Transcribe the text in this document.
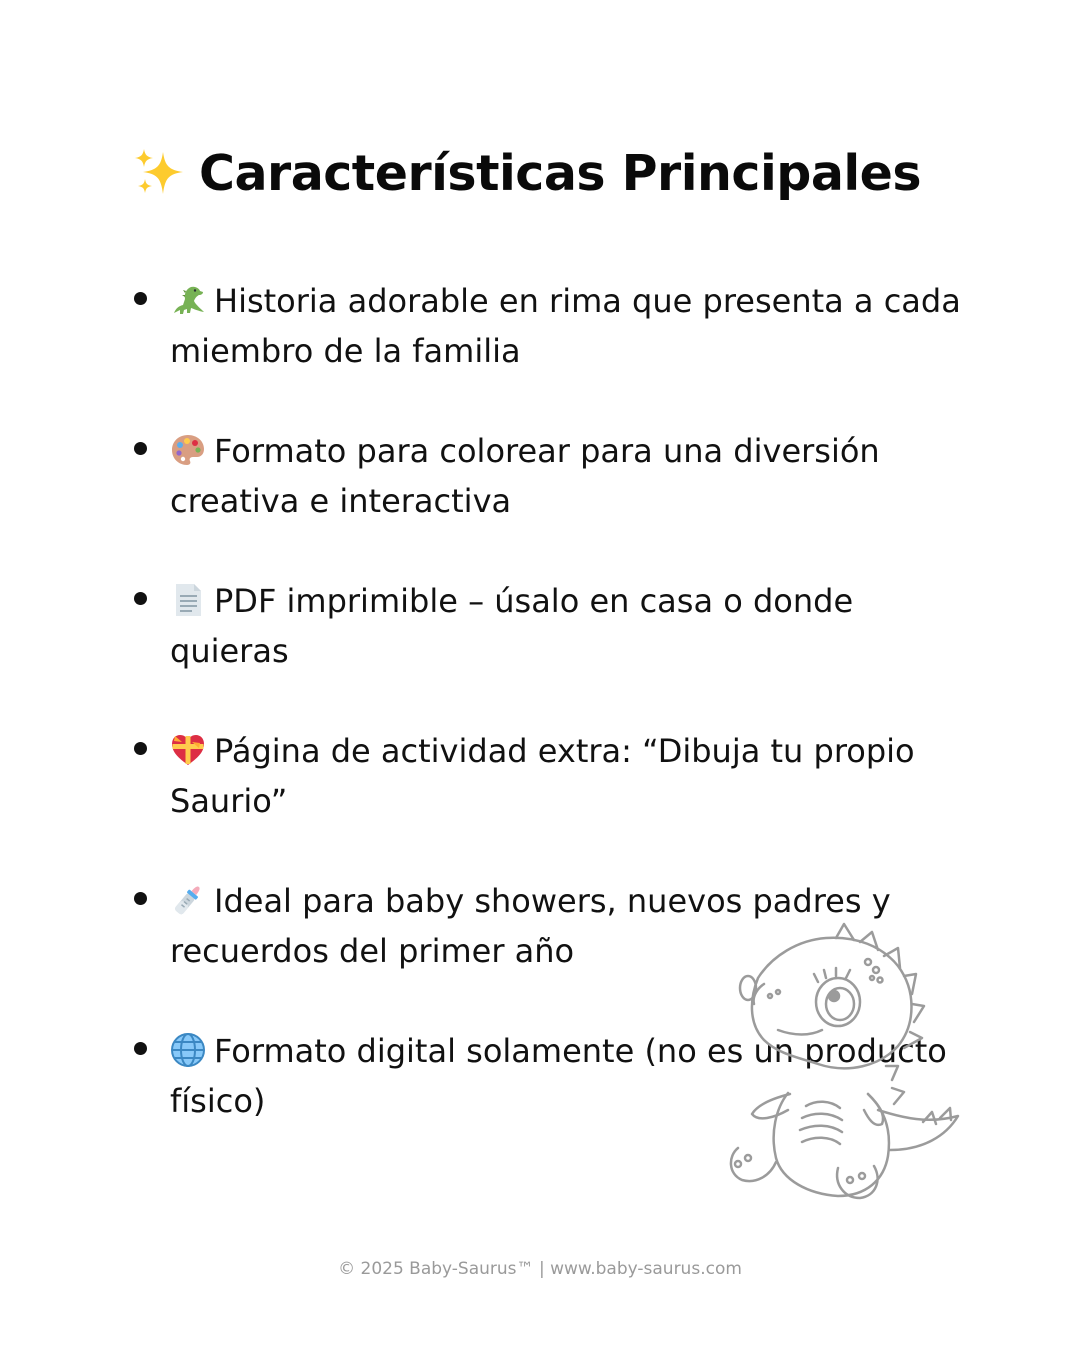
Características Principales
Historia adorable en rima que presenta a cada miembro de la familia
Formato para colorear para una diversión creativa e interactiva
PDF imprimible – úsalo en casa o donde quieras
Página de actividad extra: “Dibuja tu propio Saurio”
Ideal para baby showers, nuevos padres y recuerdos del primer año
Formato digital solamente (no es un producto físico)
© 2025 Baby-Saurus™ | www.baby-saurus.com
